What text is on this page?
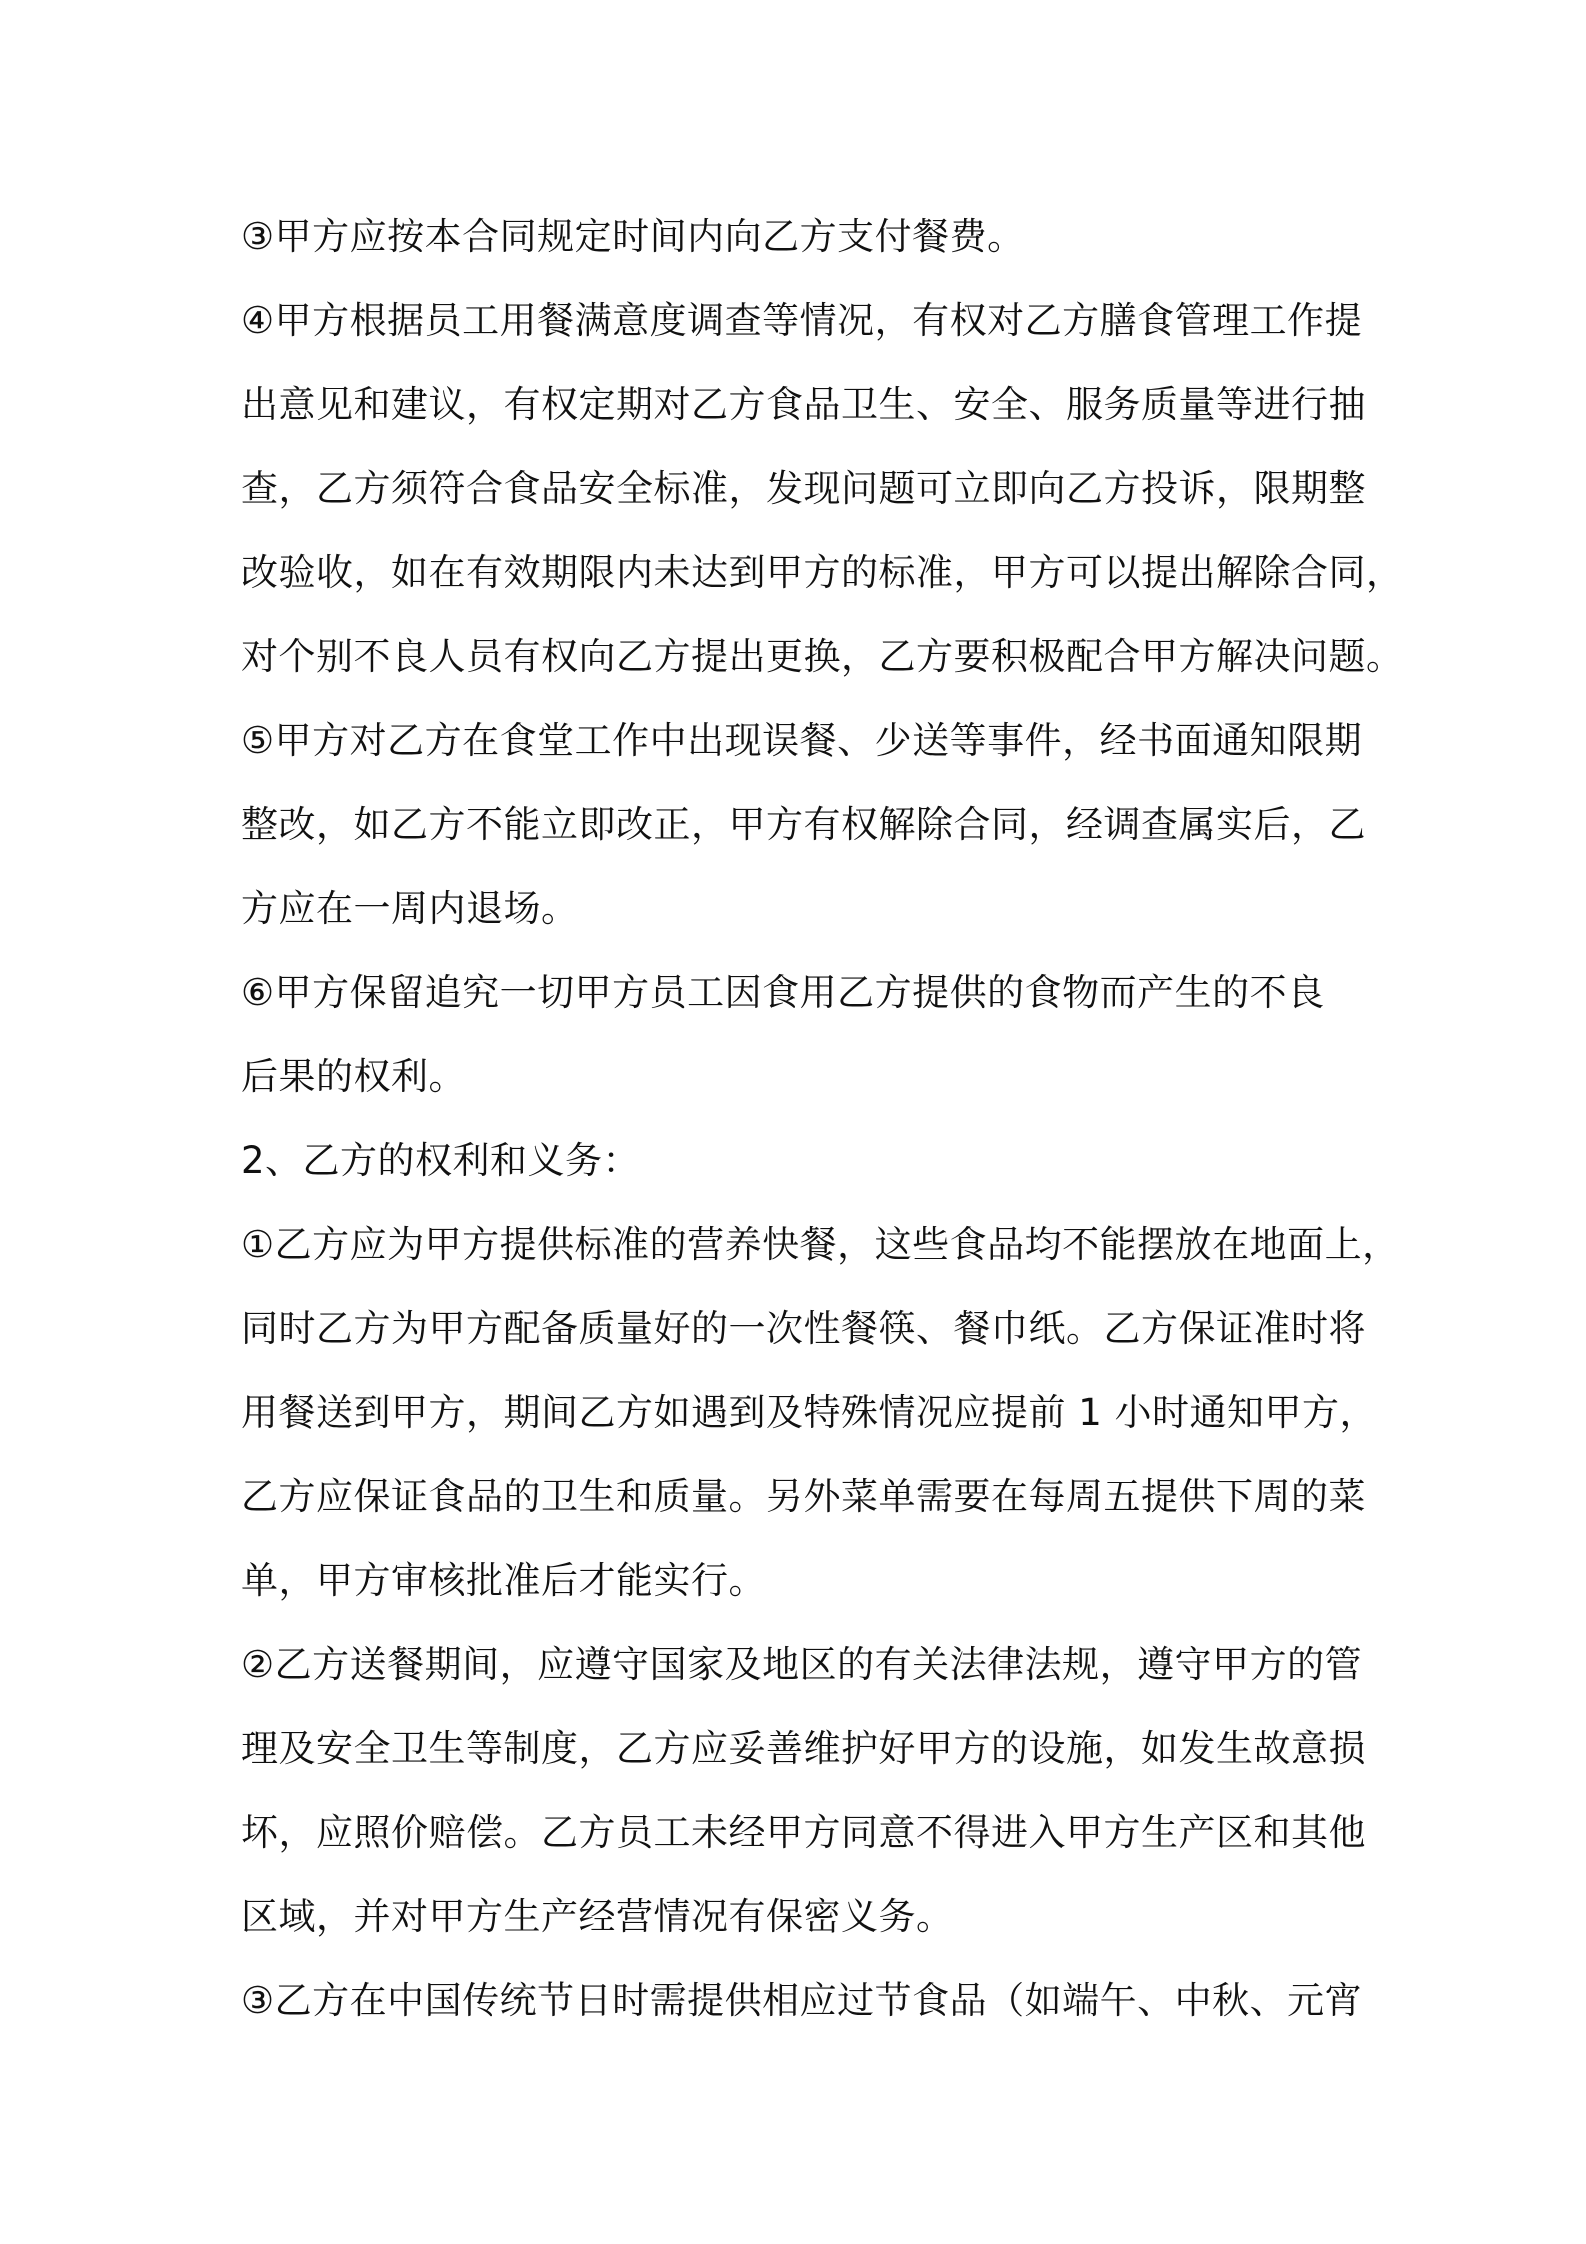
③甲方应按本合同规定时间内向乙方支付餐费。
④甲方根据员工用餐满意度调查等情况，有权对乙方膳食管理工作提
出意见和建议，有权定期对乙方食品卫生、安全、服务质量等进行抽
查，乙方须符合食品安全标准，发现问题可立即向乙方投诉，限期整
改验收，如在有效期限内未达到甲方的标准，甲方可以提出解除合同，
对个别不良人员有权向乙方提出更换，乙方要积极配合甲方解决问题。
⑤甲方对乙方在食堂工作中出现误餐、少送等事件，经书面通知限期
整改，如乙方不能立即改正，甲方有权解除合同，经调查属实后，乙
方应在一周内退场。
⑥甲方保留追究一切甲方员工因食用乙方提供的食物而产生的不良
后果的权利。
2、乙方的权利和义务：
①乙方应为甲方提供标准的营养快餐，这些食品均不能摆放在地面上，
同时乙方为甲方配备质量好的一次性餐筷、餐巾纸。乙方保证准时将
用餐送到甲方，期间乙方如遇到及特殊情况应提前 1 小时通知甲方，
乙方应保证食品的卫生和质量。另外菜单需要在每周五提供下周的菜
单，甲方审核批准后才能实行。
②乙方送餐期间，应遵守国家及地区的有关法律法规，遵守甲方的管
理及安全卫生等制度，乙方应妥善维护好甲方的设施，如发生故意损
坏，应照价赔偿。乙方员工未经甲方同意不得进入甲方生产区和其他
区域，并对甲方生产经营情况有保密义务。
③乙方在中国传统节日时需提供相应过节食品（如端午、中秋、元宵
